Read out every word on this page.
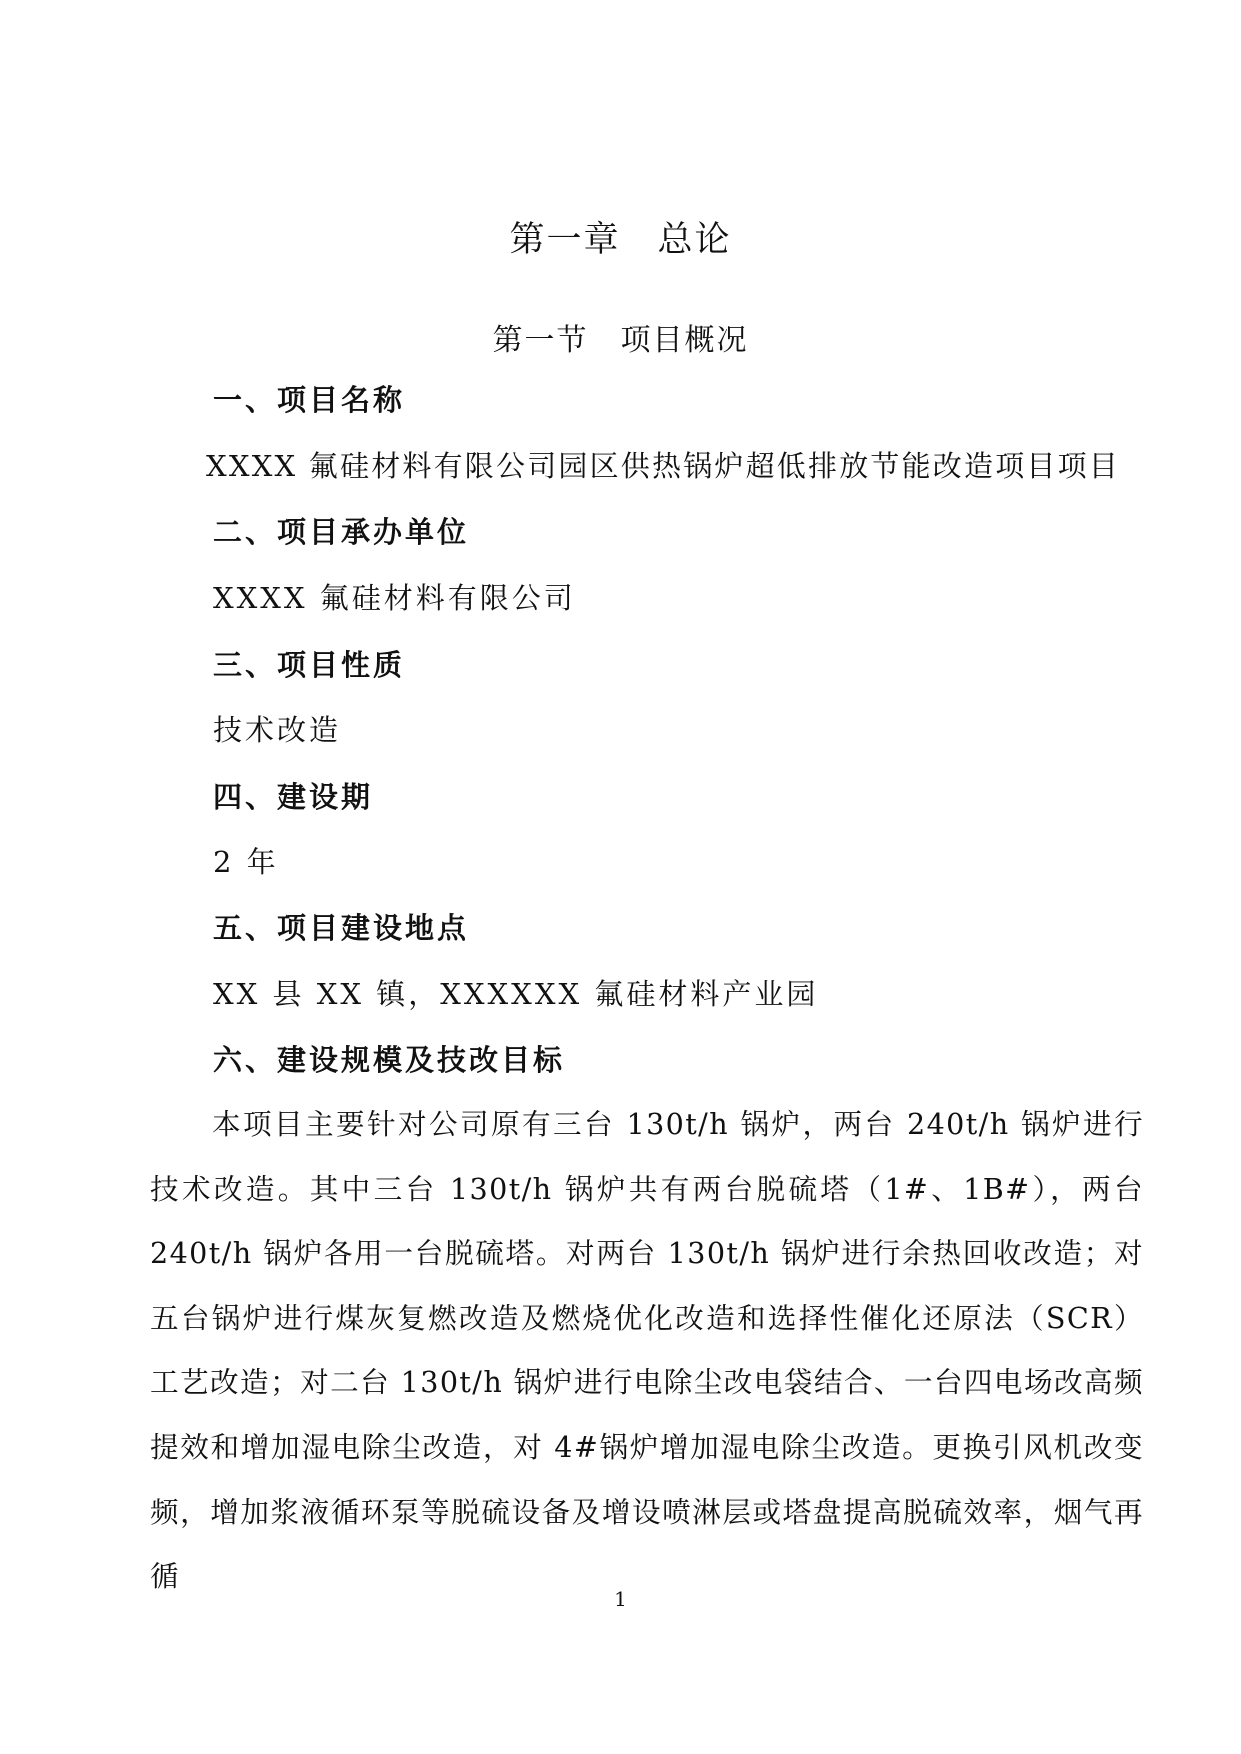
第一章　总论
第一节　项目概况
一、项目名称
XXXX 氟硅材料有限公司园区供热锅炉超低排放节能改造项目项目
二、项目承办单位
XXXX 氟硅材料有限公司
三、项目性质
技术改造
四、建设期
2 年
五、项目建设地点
XX 县 XX 镇，XXXXXX 氟硅材料产业园
六、建设规模及技改目标
本项目主要针对公司原有三台 130t/h 锅炉，两台 240t/h 锅炉进行技术改造。其中三台 130t/h 锅炉共有两台脱硫塔（1#、1B#），两台 240t/h 锅炉各用一台脱硫塔。对两台 130t/h 锅炉进行余热回收改造；对五台锅炉进行煤灰复燃改造及燃烧优化改造和选择性催化还原法（SCR）工艺改造；对二台 130t/h 锅炉进行电除尘改电袋结合、一台四电场改高频提效和增加湿电除尘改造，对 4#锅炉增加湿电除尘改造。更换引风机改变频，增加浆液循环泵等脱硫设备及增设喷淋层或塔盘提高脱硫效率，烟气再循
1
